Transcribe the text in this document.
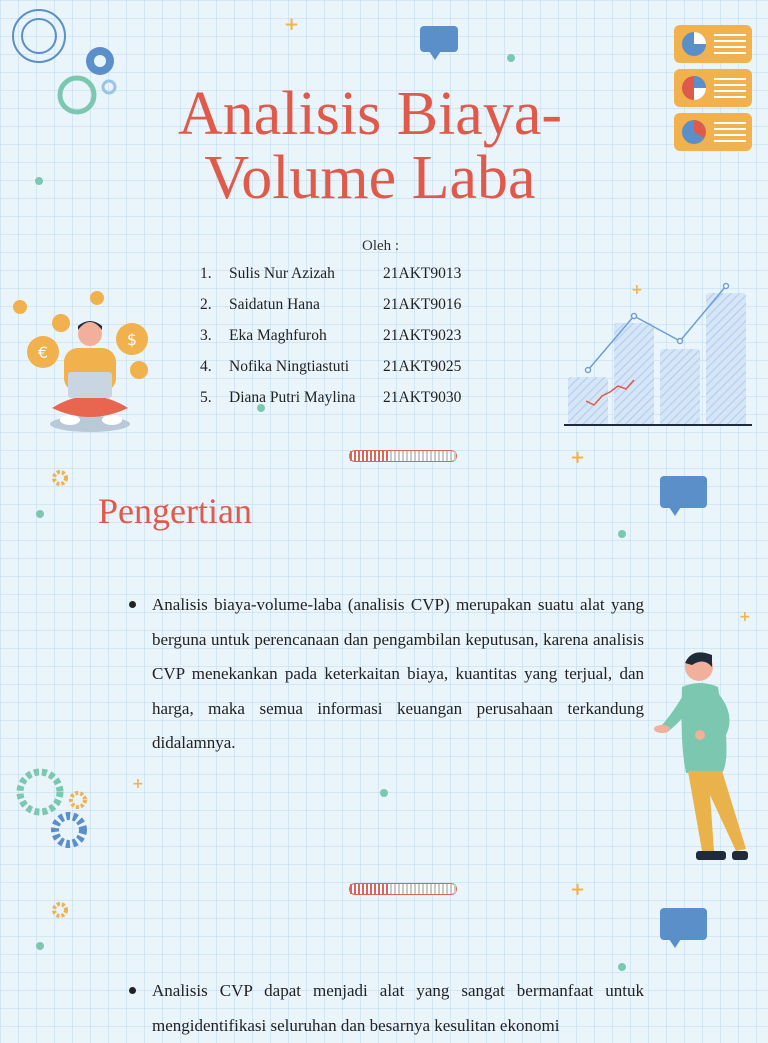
+
+
+
+
+
+
€
$
Analisis Biaya-
Volume Laba
Oleh :
1.	Sulis Nur Azizah	21AKT9013
2.	Saidatun Hana	21AKT9016
3.	Eka Maghfuroh	21AKT9023
4.	Nofika Ningtiastuti	21AKT9025
5.	Diana Putri Maylina	21AKT9030
Pengertian
Analisis biaya-volume-laba (analisis CVP) merupakan suatu alat yang berguna untuk perencanaan dan pengambilan keputusan, karena analisis CVP menekankan pada keterkaitan biaya, kuantitas yang terjual, dan harga, maka semua informasi keuangan perusahaan terkandung didalamnya.
Analisis CVP dapat menjadi alat yang sangat bermanfaat untuk mengidentifikasi seluruhan dan besarnya kesulitan ekonomi
